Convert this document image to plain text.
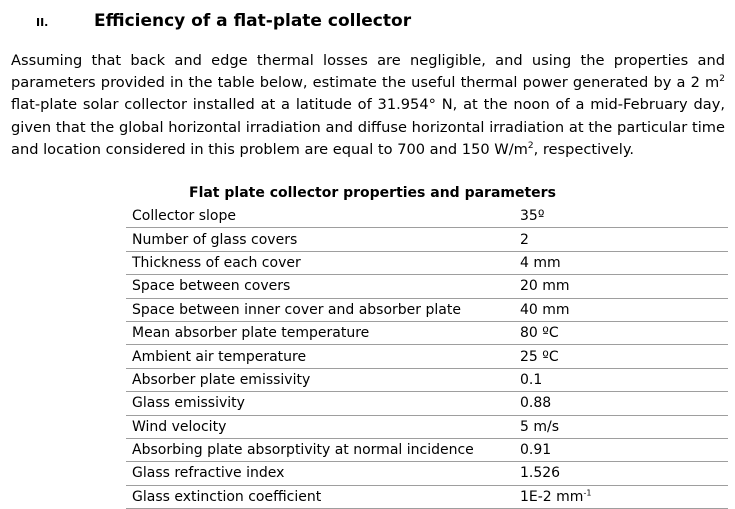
II.	Efficiency of a flat-plate collector
Assuming that back and edge thermal losses are negligible, and using the properties and parameters provided in the table below, estimate the useful thermal power generated by a 2 $m^2$ flat-plate solar collector installed at a latitude of 31.954° N, at the noon of a mid-February day, given that the global horizontal irradiation and diffuse horizontal irradiation at the particular time and location considered in this problem are equal to 700 and 150 $W/m^2$, respectively.
Flat plate collector properties and parameters
Collector slope	35º
Number of glass covers	2
Thickness of each cover	4 mm
Space between covers	20 mm
Space between inner cover and absorber plate	40 mm
Mean absorber plate temperature	80 ºC
Ambient air temperature	25 ºC
Absorber plate emissivity	0.1
Glass emissivity	0.88
Wind velocity	5 m/s
Absorbing plate absorptivity at normal incidence	0.91
Glass refractive index	1.526
Glass extinction coefficient	1E-2 $mm^{-1}$
